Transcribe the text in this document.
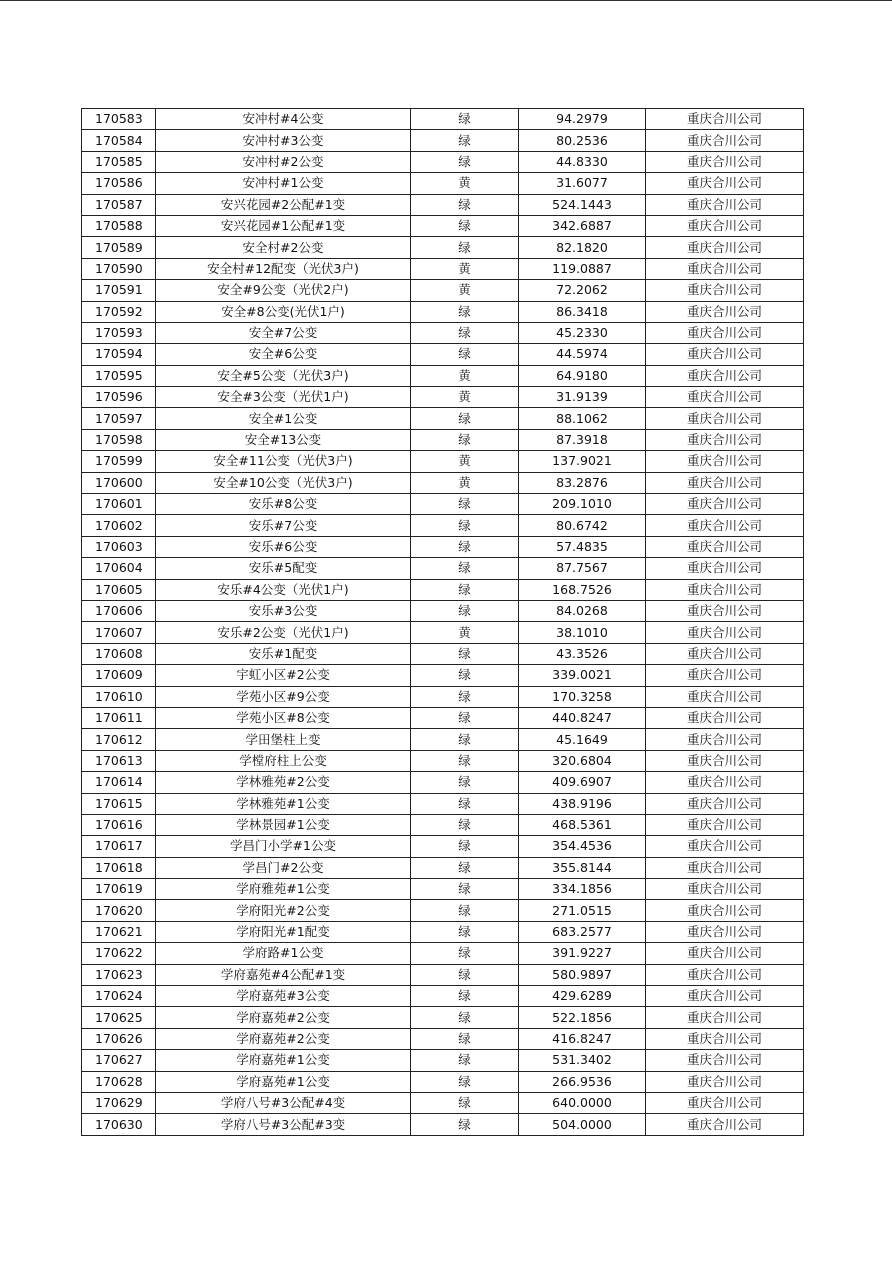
170583	安冲村#4公变	绿	94.2979	重庆合川公司
170584	安冲村#3公变	绿	80.2536	重庆合川公司
170585	安冲村#2公变	绿	44.8330	重庆合川公司
170586	安冲村#1公变	黄	31.6077	重庆合川公司
170587	安兴花园#2公配#1变	绿	524.1443	重庆合川公司
170588	安兴花园#1公配#1变	绿	342.6887	重庆合川公司
170589	安全村#2公变	绿	82.1820	重庆合川公司
170590	安全村#12配变（光伏3户)	黄	119.0887	重庆合川公司
170591	安全#9公变（光伏2户)	黄	72.2062	重庆合川公司
170592	安全#8公变(光伏1户)	绿	86.3418	重庆合川公司
170593	安全#7公变	绿	45.2330	重庆合川公司
170594	安全#6公变	绿	44.5974	重庆合川公司
170595	安全#5公变（光伏3户)	黄	64.9180	重庆合川公司
170596	安全#3公变（光伏1户)	黄	31.9139	重庆合川公司
170597	安全#1公变	绿	88.1062	重庆合川公司
170598	安全#13公变	绿	87.3918	重庆合川公司
170599	安全#11公变（光伏3户)	黄	137.9021	重庆合川公司
170600	安全#10公变（光伏3户)	黄	83.2876	重庆合川公司
170601	安乐#8公变	绿	209.1010	重庆合川公司
170602	安乐#7公变	绿	80.6742	重庆合川公司
170603	安乐#6公变	绿	57.4835	重庆合川公司
170604	安乐#5配变	绿	87.7567	重庆合川公司
170605	安乐#4公变（光伏1户)	绿	168.7526	重庆合川公司
170606	安乐#3公变	绿	84.0268	重庆合川公司
170607	安乐#2公变（光伏1户)	黄	38.1010	重庆合川公司
170608	安乐#1配变	绿	43.3526	重庆合川公司
170609	宇虹小区#2公变	绿	339.0021	重庆合川公司
170610	学苑小区#9公变	绿	170.3258	重庆合川公司
170611	学苑小区#8公变	绿	440.8247	重庆合川公司
170612	学田堡柱上变	绿	45.1649	重庆合川公司
170613	学樘府柱上公变	绿	320.6804	重庆合川公司
170614	学林雅苑#2公变	绿	409.6907	重庆合川公司
170615	学林雅苑#1公变	绿	438.9196	重庆合川公司
170616	学林景园#1公变	绿	468.5361	重庆合川公司
170617	学昌门小学#1公变	绿	354.4536	重庆合川公司
170618	学昌门#2公变	绿	355.8144	重庆合川公司
170619	学府雅苑#1公变	绿	334.1856	重庆合川公司
170620	学府阳光#2公变	绿	271.0515	重庆合川公司
170621	学府阳光#1配变	绿	683.2577	重庆合川公司
170622	学府路#1公变	绿	391.9227	重庆合川公司
170623	学府嘉苑#4公配#1变	绿	580.9897	重庆合川公司
170624	学府嘉苑#3公变	绿	429.6289	重庆合川公司
170625	学府嘉苑#2公变	绿	522.1856	重庆合川公司
170626	学府嘉苑#2公变	绿	416.8247	重庆合川公司
170627	学府嘉苑#1公变	绿	531.3402	重庆合川公司
170628	学府嘉苑#1公变	绿	266.9536	重庆合川公司
170629	学府八号#3公配#4变	绿	640.0000	重庆合川公司
170630	学府八号#3公配#3变	绿	504.0000	重庆合川公司
